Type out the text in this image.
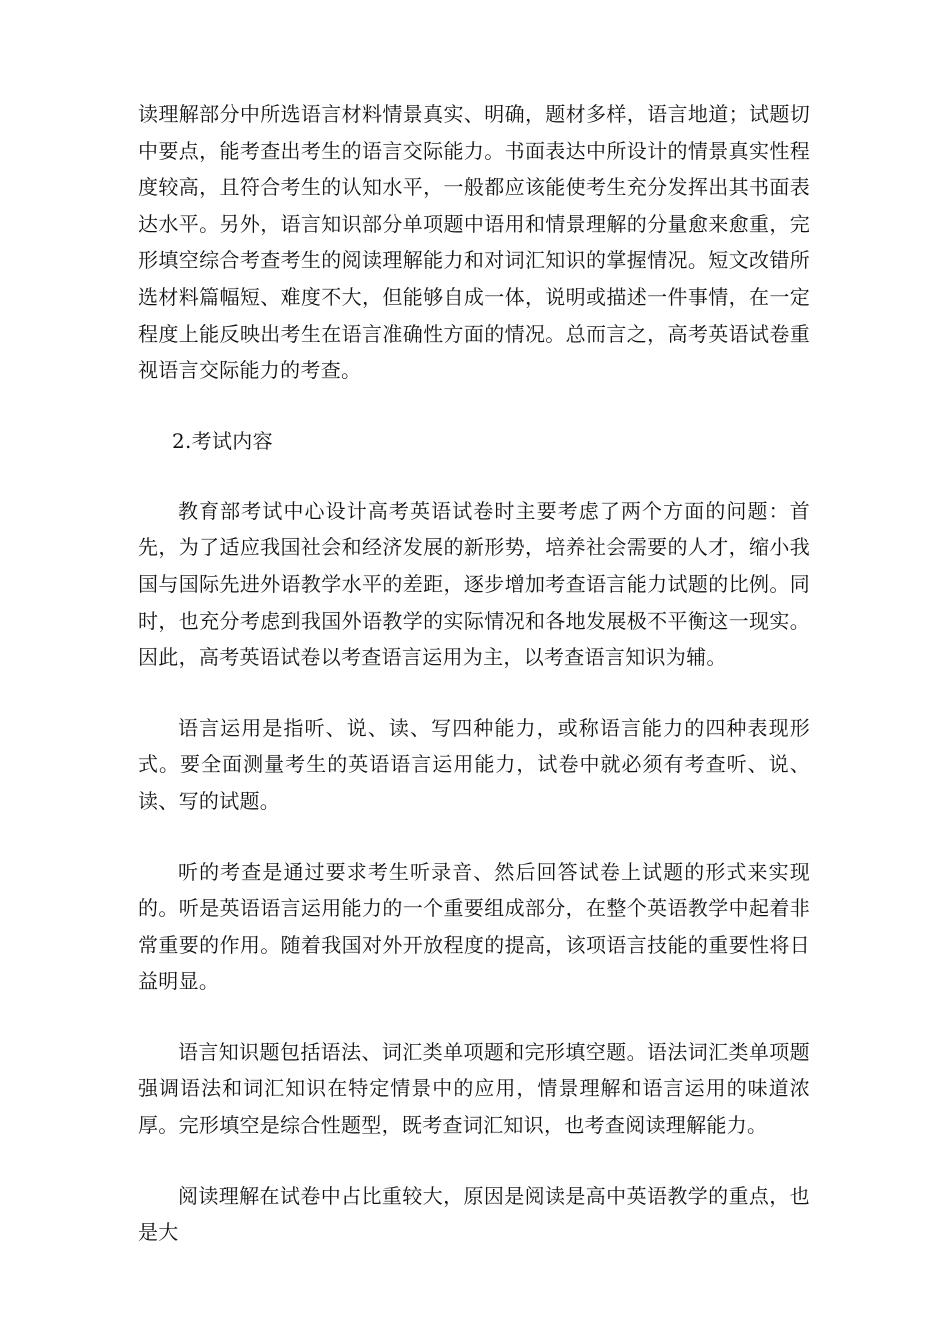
读理解部分中所选语言材料情景真实、明确，题材多样，语言地道；试题切中要点，能考查出考生的语言交际能力。书面表达中所设计的情景真实性程度较高，且符合考生的认知水平，一般都应该能使考生充分发挥出其书面表达水平。另外，语言知识部分单项题中语用和情景理解的分量愈来愈重，完形填空综合考查考生的阅读理解能力和对词汇知识的掌握情况。短文改错所选材料篇幅短、难度不大，但能够自成一体，说明或描述一件事情，在一定程度上能反映出考生在语言准确性方面的情况。总而言之，高考英语试卷重视语言交际能力的考查。

2.考试内容

教育部考试中心设计高考英语试卷时主要考虑了两个方面的问题：首先，为了适应我国社会和经济发展的新形势，培养社会需要的人才，缩小我国与国际先进外语教学水平的差距，逐步增加考查语言能力试题的比例。同时，也充分考虑到我国外语教学的实际情况和各地发展极不平衡这一现实。因此，高考英语试卷以考查语言运用为主，以考查语言知识为辅。

语言运用是指听、说、读、写四种能力，或称语言能力的四种表现形式。要全面测量考生的英语语言运用能力，试卷中就必须有考查听、说、读、写的试题。

听的考查是通过要求考生听录音、然后回答试卷上试题的形式来实现的。听是英语语言运用能力的一个重要组成部分，在整个英语教学中起着非常重要的作用。随着我国对外开放程度的提高，该项语言技能的重要性将日益明显。

语言知识题包括语法、词汇类单项题和完形填空题。语法词汇类单项题强调语法和词汇知识在特定情景中的应用，情景理解和语言运用的味道浓厚。完形填空是综合性题型，既考查词汇知识，也考查阅读理解能力。

阅读理解在试卷中占比重较大，原因是阅读是高中英语教学的重点，也是大
